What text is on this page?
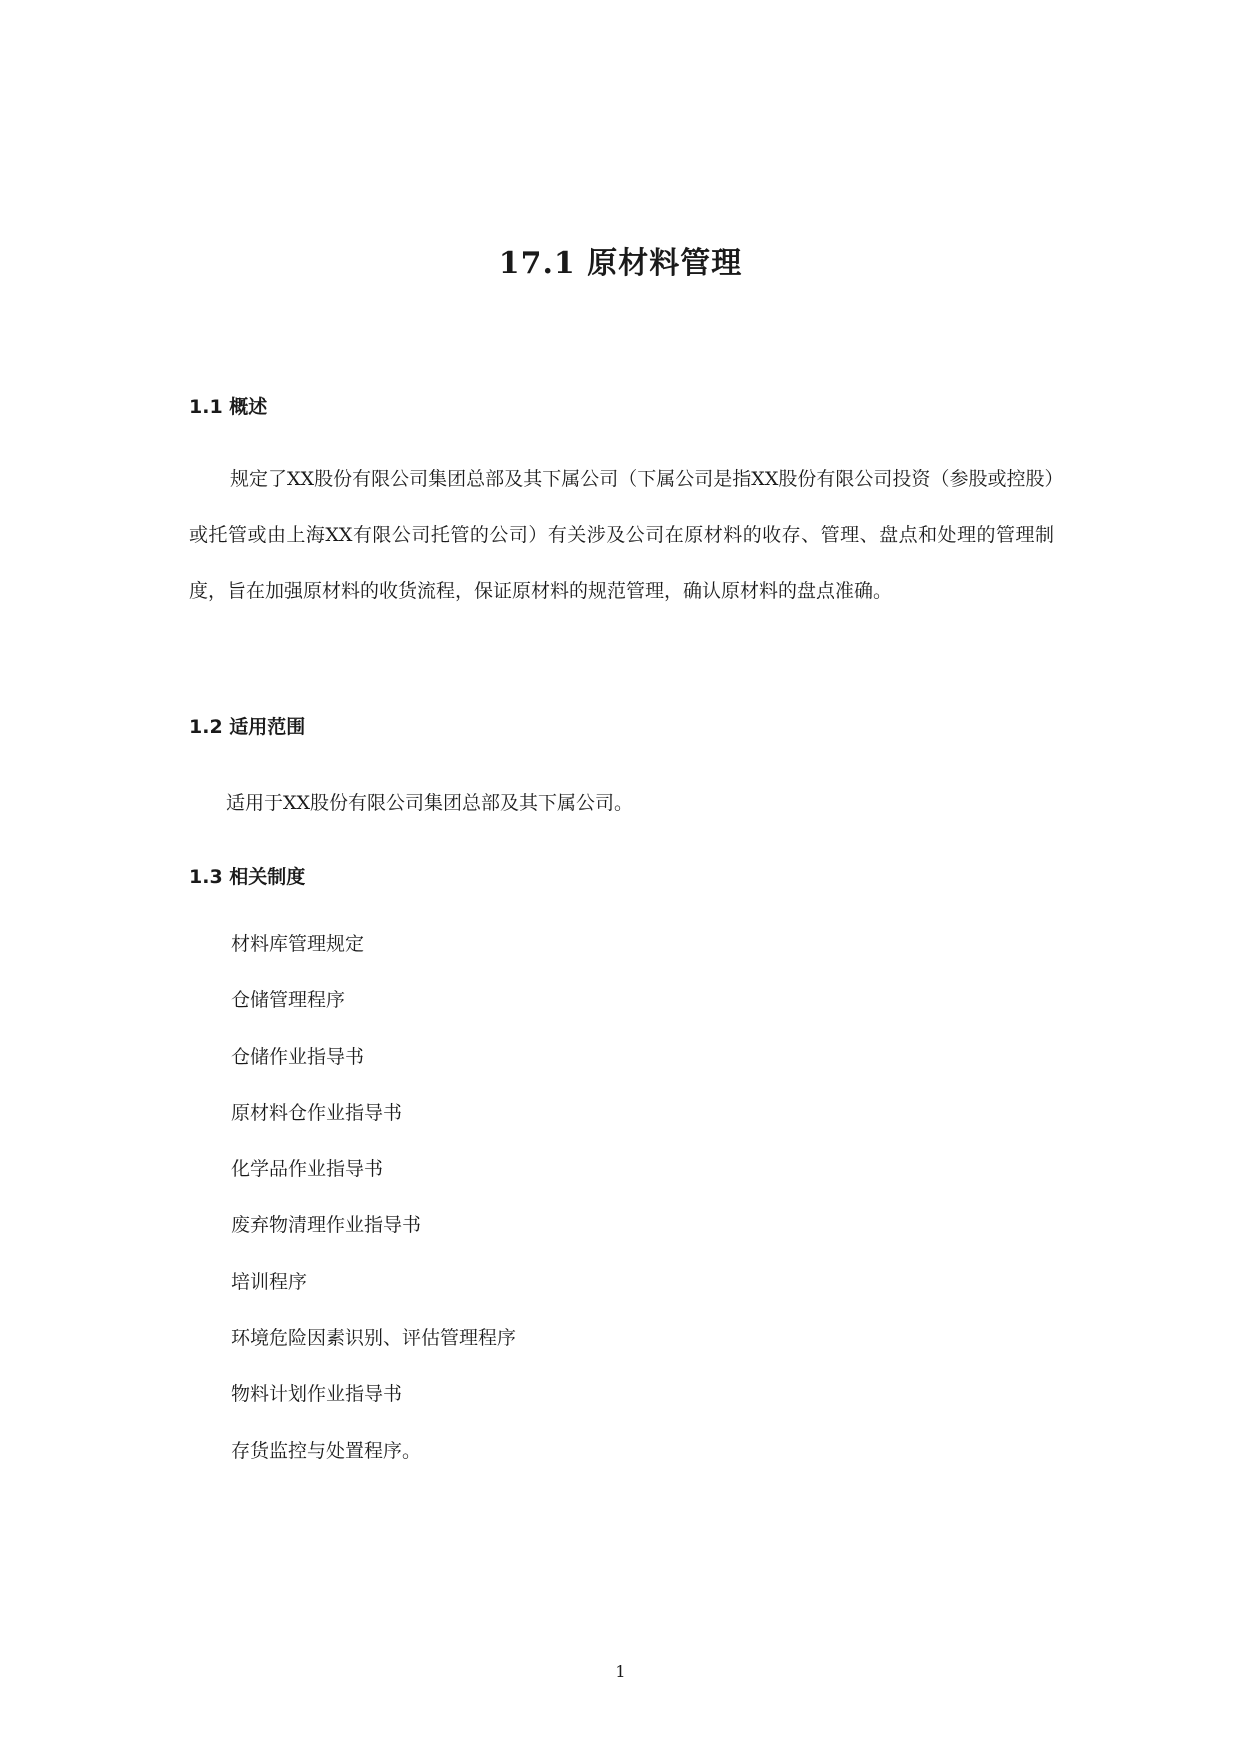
17.1 原材料管理
1.1 概述

规定了XX股份有限公司集团总部及其下属公司（下属公司是指XX股份有限公司投资（参股或控股）或托管或由上海XX有限公司托管的公司）有关涉及公司在原材料的收存、管理、盘点和处理的管理制度，旨在加强原材料的收货流程，保证原材料的规范管理，确认原材料的盘点准确。

1.2 适用范围

适用于XX股份有限公司集团总部及其下属公司。

1.3 相关制度
材料库管理规定
仓储管理程序
仓储作业指导书
原材料仓作业指导书
化学品作业指导书
废弃物清理作业指导书
培训程序
环境危险因素识别、评估管理程序
物料计划作业指导书
存货监控与处置程序。

1
